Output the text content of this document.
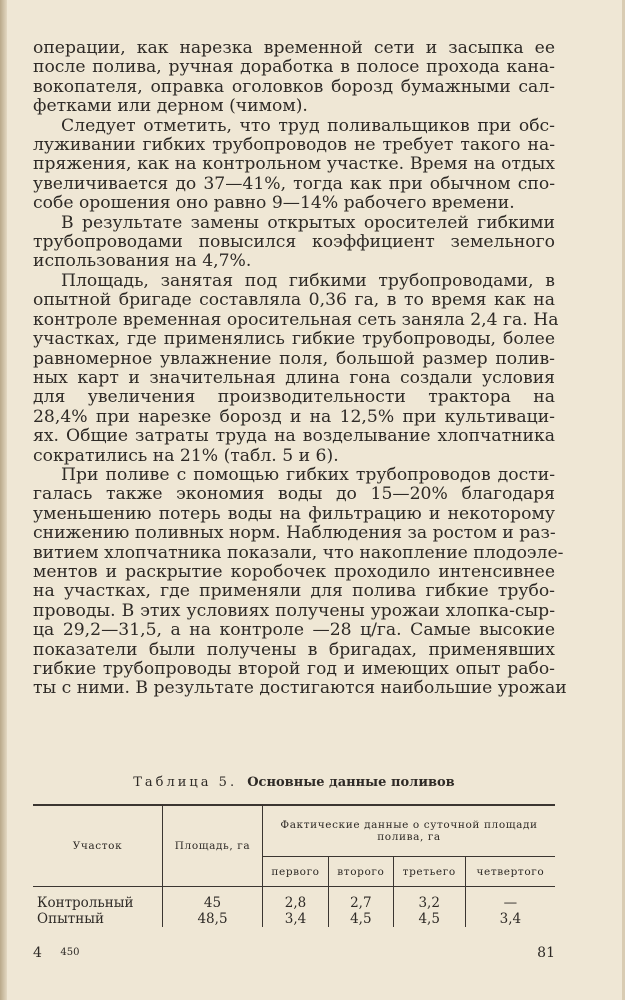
операции, как нарезка временной сети и засыпка ее
после полива, ручная доработка в полосе прохода кана-
вокопателя, оправка оголовков борозд бумажными сал-
фетками или дерном (чимом).

Следует отметить, что труд поливальщиков при обс-
луживании гибких трубопроводов не требует такого на-
пряжения, как на контрольном участке. Время на отдых
увеличивается до 37—41%, тогда как при обычном спо-
собе орошения оно равно 9—14% рабочего времени.

В результате замены открытых оросителей гибкими
трубопроводами повысился коэффициент земельного
использования на 4,7%.

Площадь, занятая под гибкими трубопроводами, в
опытной бригаде составляла 0,36 га, в то время как на
контроле временная оросительная сеть заняла 2,4 га. На
участках, где применялись гибкие трубопроводы, более
равномерное увлажнение поля, большой размер полив-
ных карт и значительная длина гона создали условия
для увеличения производительности трактора на
28,4% при нарезке борозд и на 12,5% при культиваци-
ях. Общие затраты труда на возделывание хлопчатника
сократились на 21% (табл. 5 и 6).

При поливе с помощью гибких трубопроводов дости-
галась также экономия воды до 15—20% благодаря
уменьшению потерь воды на фильтрацию и некоторому
снижению поливных норм. Наблюдения за ростом и раз-
витием хлопчатника показали, что накопление плодоэле-
ментов и раскрытие коробочек проходило интенсивнее
на участках, где применяли для полива гибкие трубо-
проводы. В этих условиях получены урожаи хлопка-сыр-
ца 29,2—31,5, а на контроле —28 ц/га. Самые высокие
показатели были получены в бригадах, применявших
гибкие трубопроводы второй год и имеющих опыт рабо-
ты с ними. В результате достигаются наибольшие урожаи

Таблица 5. Основные данные поливов
Участок	Площадь, га	Фактические данные о суточной площади полива, га			
		первого	второго	третьего	четвертого
Контрольный	45	2,8	2,7	3,2	—
Опытный	48,5	3,4	4,5	4,5	3,4
4 450	81
